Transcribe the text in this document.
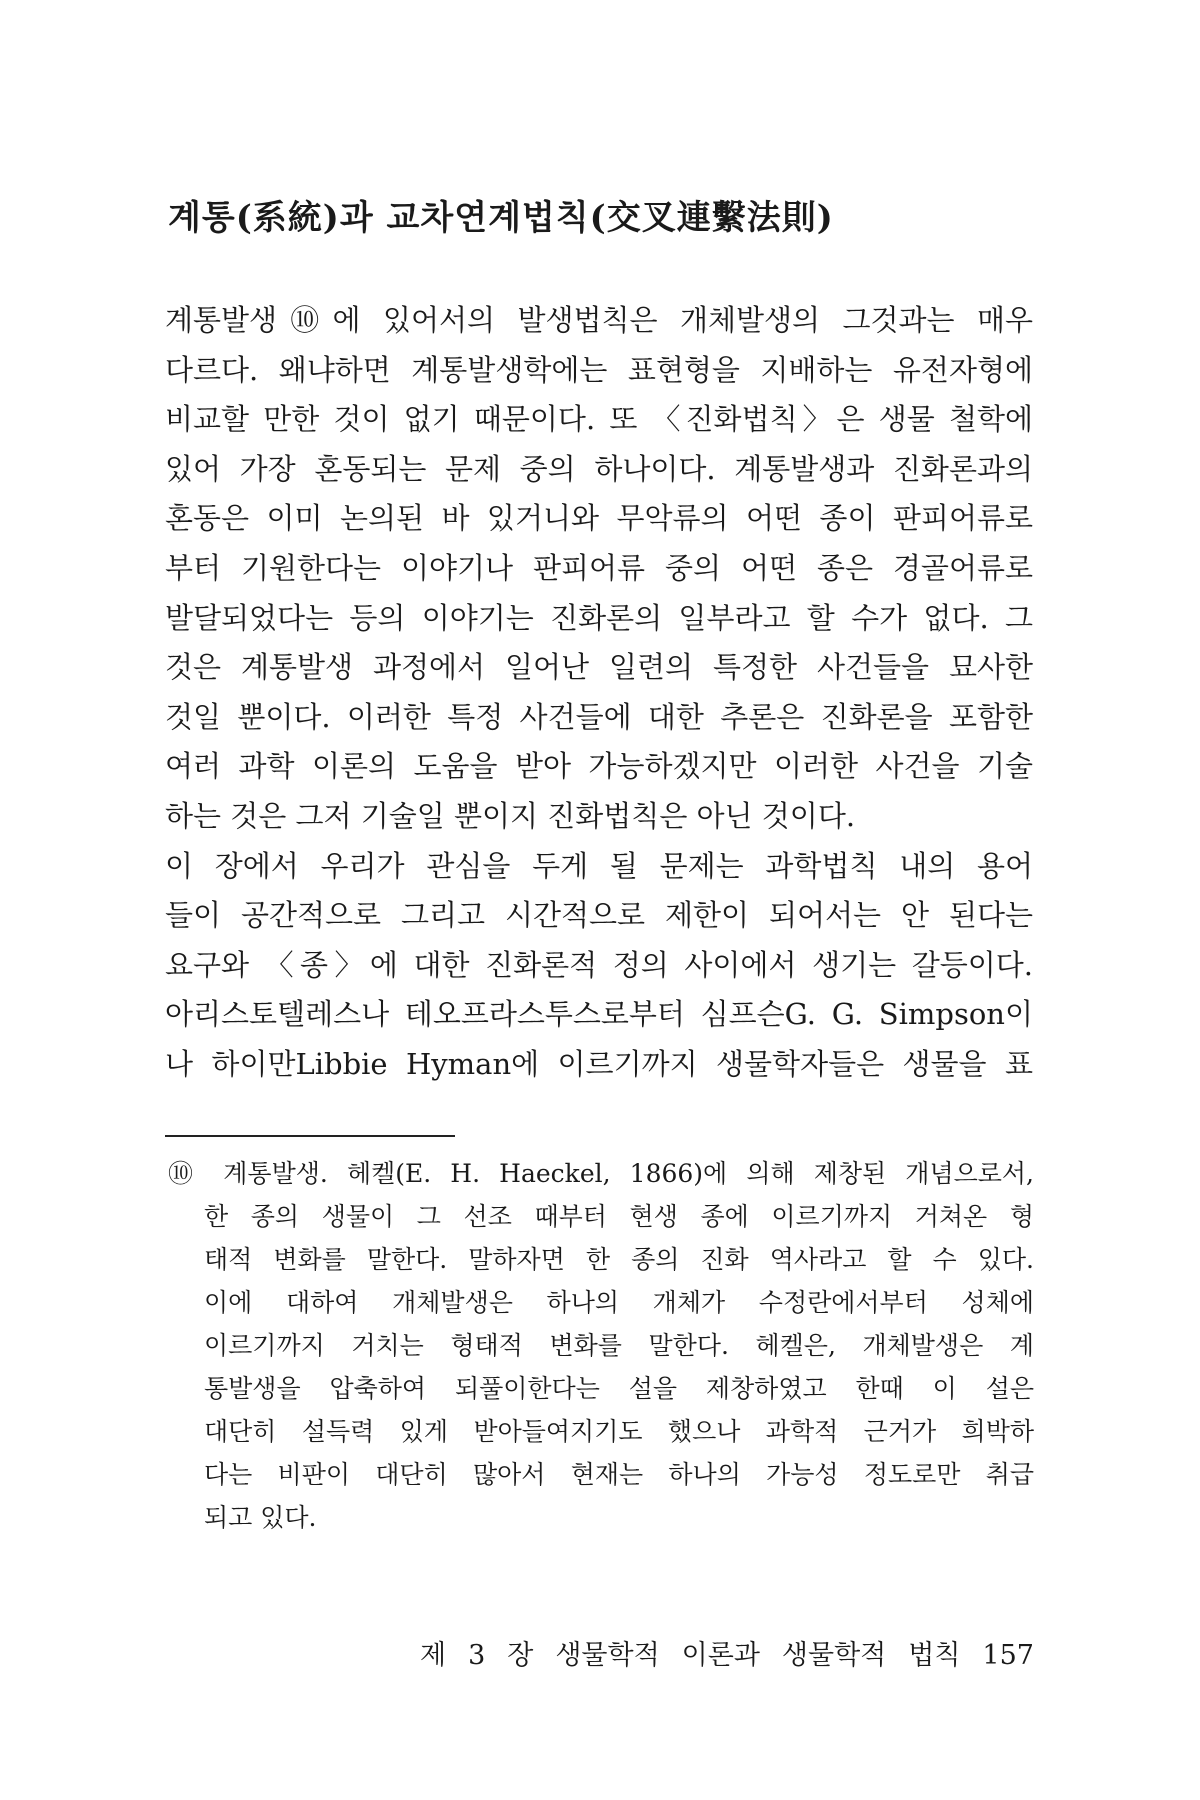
계통(系統)과 교차연계법칙(交叉連繫法則)
계통발생⑩에 있어서의 발생법칙은 개체발생의 그것과는 매우
다르다. 왜냐하면 계통발생학에는 표현형을 지배하는 유전자형에
비교할 만한 것이 없기 때문이다. 또 〈진화법칙〉은 생물 철학에
있어 가장 혼동되는 문제 중의 하나이다. 계통발생과 진화론과의
혼동은 이미 논의된 바 있거니와 무악류의 어떤 종이 판피어류로
부터 기원한다는 이야기나 판피어류 중의 어떤 종은 경골어류로
발달되었다는 등의 이야기는 진화론의 일부라고 할 수가 없다. 그
것은 계통발생 과정에서 일어난 일련의 특정한 사건들을 묘사한
것일 뿐이다. 이러한 특정 사건들에 대한 추론은 진화론을 포함한
여러 과학 이론의 도움을 받아 가능하겠지만 이러한 사건을 기술
하는 것은 그저 기술일 뿐이지 진화법칙은 아닌 것이다.
이 장에서 우리가 관심을 두게 될 문제는 과학법칙 내의 용어
들이 공간적으로 그리고 시간적으로 제한이 되어서는 안 된다는
요구와 〈종〉에 대한 진화론적 정의 사이에서 생기는 갈등이다.
아리스토텔레스나 테오프라스투스로부터 심프슨G. G. Simpson이
나 하이만Libbie Hyman에 이르기까지 생물학자들은 생물을 표
⑩ 계통발생. 헤켈(E. H. Haeckel, 1866)에 의해 제창된 개념으로서,
한 종의 생물이 그 선조 때부터 현생 종에 이르기까지 거쳐온 형
태적 변화를 말한다. 말하자면 한 종의 진화 역사라고 할 수 있다.
이에 대하여 개체발생은 하나의 개체가 수정란에서부터 성체에
이르기까지 거치는 형태적 변화를 말한다. 헤켈은, 개체발생은 계
통발생을 압축하여 되풀이한다는 설을 제창하였고 한때 이 설은
대단히 설득력 있게 받아들여지기도 했으나 과학적 근거가 희박하
다는 비판이 대단히 많아서 현재는 하나의 가능성 정도로만 취급
되고 있다.
제 3 장 생물학적 이론과 생물학적 법칙 157
